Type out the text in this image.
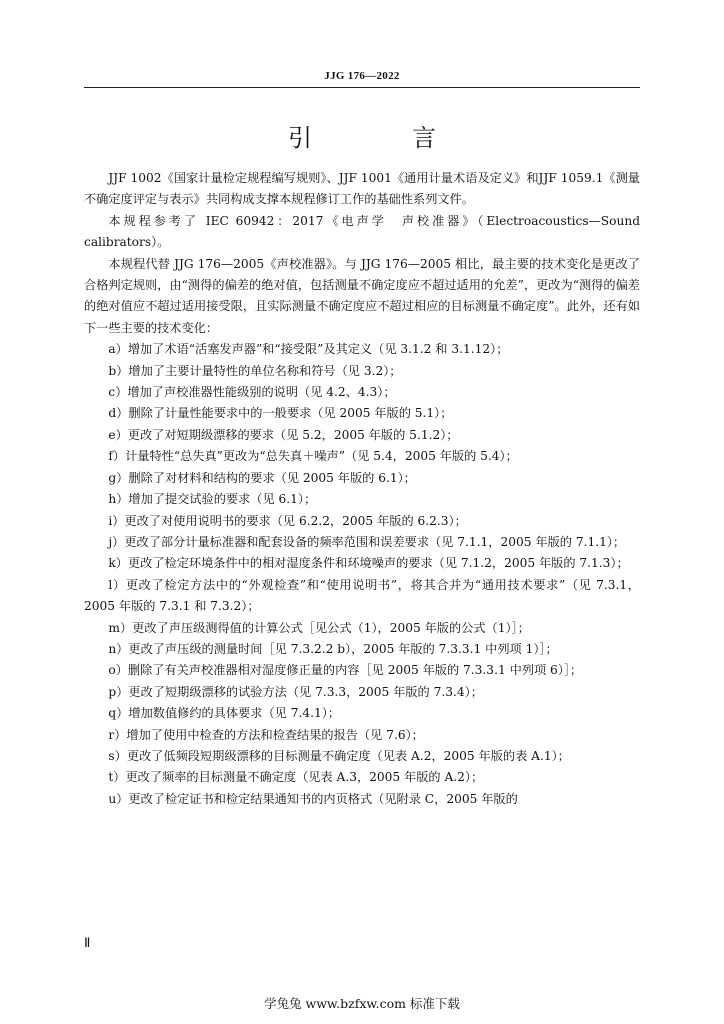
JJG 176—2022
引　言

JJF 1002《国家计量检定规程编写规则》、JJF 1001《通用计量术语及定义》和JJF 1059.1《测量不确定度评定与表示》共同构成支撑本规程修订工作的基础性系列文件。

本规程参考了 IEC 60942：2017《电声学　声校准器》（Electroacoustics—Sound calibrators）。

本规程代替 JJG 176—2005《声校准器》。与 JJG 176—2005 相比，最主要的技术变化是更改了合格判定规则，由“测得的偏差的绝对值，包括测量不确定度应不超过适用的允差”，更改为“测得的偏差的绝对值应不超过适用接受限，且实际测量不确定度应不超过相应的目标测量不确定度”。此外，还有如下一些主要的技术变化：

a）增加了术语“活塞发声器”和“接受限”及其定义（见 3.1.2 和 3.1.12）；

b）增加了主要计量特性的单位名称和符号（见 3.2）；

c）增加了声校准器性能级别的说明（见 4.2、4.3）；

d）删除了计量性能要求中的一般要求（见 2005 年版的 5.1）；

e）更改了对短期级漂移的要求（见 5.2，2005 年版的 5.1.2）；

f）计量特性“总失真”更改为“总失真＋噪声”（见 5.4，2005 年版的 5.4）；

g）删除了对材料和结构的要求（见 2005 年版的 6.1）；

h）增加了提交试验的要求（见 6.1）；

i）更改了对使用说明书的要求（见 6.2.2，2005 年版的 6.2.3）；

j）更改了部分计量标准器和配套设备的频率范围和误差要求（见 7.1.1，2005 年版的 7.1.1）；

k）更改了检定环境条件中的相对湿度条件和环境噪声的要求（见 7.1.2，2005 年版的 7.1.3）；

l）更改了检定方法中的“外观检查”和“使用说明书”，将其合并为“通用技术要求”（见 7.3.1，2005 年版的 7.3.1 和 7.3.2）；

m）更改了声压级测得值的计算公式［见公式（1），2005 年版的公式（1）］；

n）更改了声压级的测量时间［见 7.3.2.2 b），2005 年版的 7.3.3.1 中列项 1）］；

o）删除了有关声校准器相对湿度修正量的内容［见 2005 年版的 7.3.3.1 中列项 6）］；

p）更改了短期级漂移的试验方法（见 7.3.3，2005 年版的 7.3.4）；

q）增加数值修约的具体要求（见 7.4.1）；

r）增加了使用中检查的方法和检查结果的报告（见 7.6）；

s）更改了低频段短期级漂移的目标测量不确定度（见表 A.2，2005 年版的表 A.1）；

t）更改了频率的目标测量不确定度（见表 A.3，2005 年版的 A.2）；

u）更改了检定证书和检定结果通知书的内页格式（见附录 C，2005 年版的

Ⅱ
学兔兔 www.bzfxw.com 标准下载
